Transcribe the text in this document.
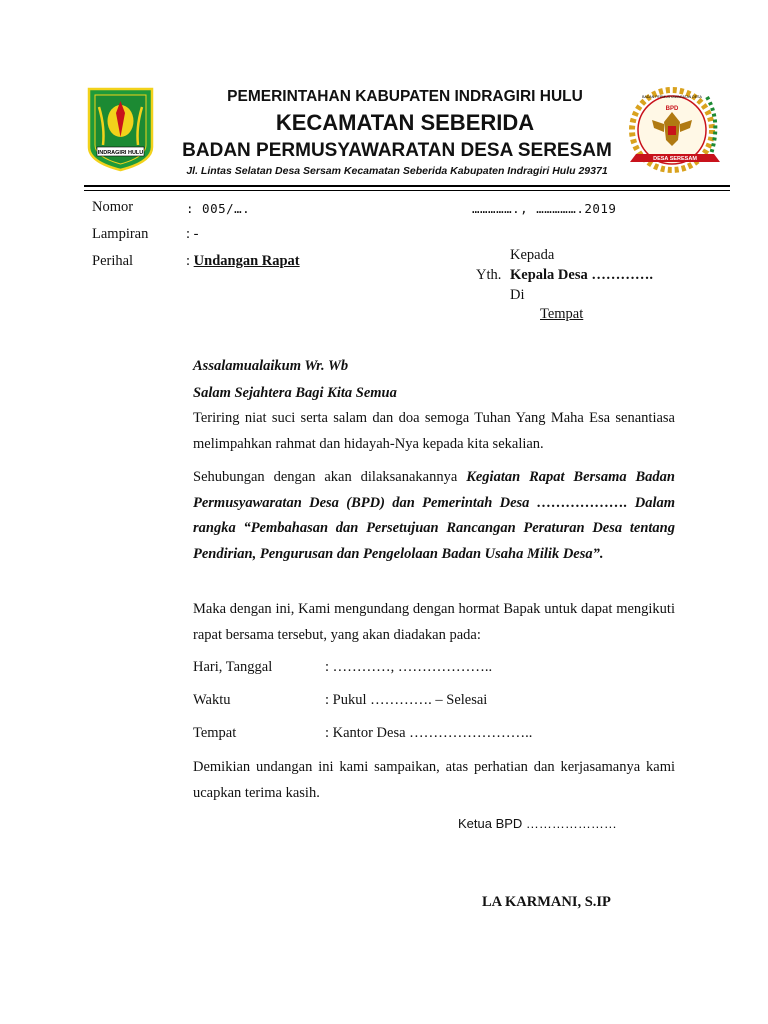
INDRAGIRI HULU
BPD
DESA SERESAM
BADAN PERMUSYAWARATAN DESA
PEMERINTAHAN KABUPATEN INDRAGIRI HULU
KECAMATAN SEBERIDA
BADAN PERMUSYAWARATAN DESA SERESAM
Jl. Lintas Selatan Desa Sersam Kecamatan Seberida Kabupaten Indragiri Hulu 29371
Nomor	: 005/….	……………., …………….2019
Lampiran	: -
Perihal	: Undangan Rapat	Kepada
Yth. Kepala Desa ………….
Di
Tempat
Assalamualaikum Wr. Wb
Salam Sejahtera Bagi Kita Semua

Teriring niat suci serta salam dan doa semoga Tuhan Yang Maha Esa senantiasa melimpahkan rahmat dan hidayah-Nya kepada kita sekalian.

Sehubungan dengan akan dilaksanakannya Kegiatan Rapat Bersama Badan Permusyawaratan Desa (BPD) dan Pemerintah Desa ………………. Dalam rangka “Pembahasan dan Persetujuan Rancangan Peraturan Desa tentang Pendirian, Pengurusan dan Pengelolaan Badan Usaha Milik Desa”.

Maka dengan ini, Kami mengundang dengan hormat Bapak untuk dapat mengikuti rapat bersama tersebut, yang akan diadakan pada:

Hari, Tanggal	: …………, ………………..
Waktu	: Pukul …………. – Selesai
Tempat	: Kantor Desa ……………………..

Demikian undangan ini kami sampaikan, atas perhatian dan kerjasamanya kami ucapkan terima kasih.

Ketua BPD …………………
LA KARMANI, S.IP
